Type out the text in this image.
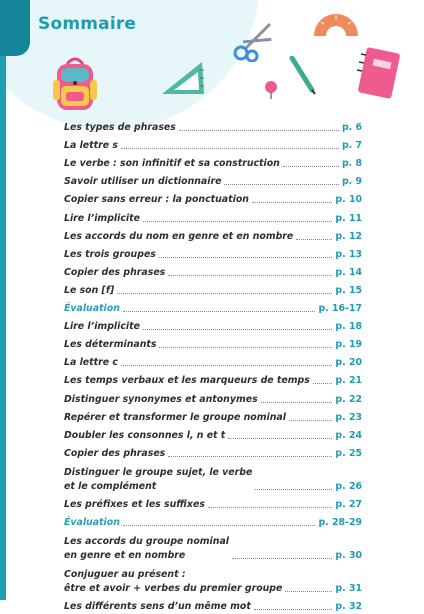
Sommaire
Les types de phrases	p. 6
La lettre s	p. 7
Le verbe : son infinitif et sa construction	p. 8
Savoir utiliser un dictionnaire	p. 9
Copier sans erreur : la ponctuation	p. 10
Lire l’implicite	p. 11
Les accords du nom en genre et en nombre	p. 12
Les trois groupes	p. 13
Copier des phrases	p. 14
Le son [f]	p. 15
Évaluation	p. 16-17
Lire l’implicite	p. 18
Les déterminants	p. 19
La lettre c	p. 20
Les temps verbaux et les marqueurs de temps	p. 21
Distinguer synonymes et antonymes	p. 22
Repérer et transformer le groupe nominal	p. 23
Doubler les consonnes l, n et t	p. 24
Copier des phrases	p. 25
Distinguer le groupe sujet, le verbe
et le complément	p. 26
Les préfixes et les suffixes	p. 27
Évaluation	p. 28-29
Les accords du groupe nominal
en genre et en nombre	p. 30
Conjuguer au présent :
être et avoir + verbes du premier groupe	p. 31
Les différents sens d’un même mot	p. 32
